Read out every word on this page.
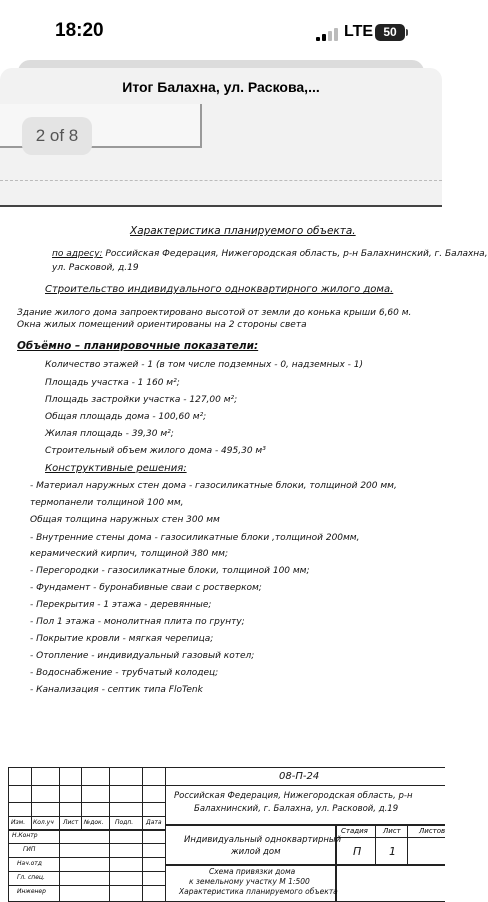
18:20	LTE 50
Итог Балахна, ул. Раскова,...
2 of 8
Характеристика планируемого объекта.
по адресу: Российская Федерация, Нижегородская область, р-н Балахнинский, г. Балахна,
ул. Расковой, д.19
Строительство индивидуального одноквартирного жилого дома.
Здание жилого дома запроектировано высотой от земли до конька крыши 6,60 м.
Окна жилых помещений ориентированы на 2 стороны света
Объёмно – планировочные показатели:
Количество этажей - 1 (в том числе подземных - 0, надземных - 1)
Площадь участка - 1 160 м²;
Площадь застройки участка - 127,00 м²;
Общая площадь дома - 100,60 м²;
Жилая площадь - 39,30 м²;
Строительный объем жилого дома - 495,30 м³
Конструктивные решения:
- Материал наружных стен дома - газосиликатные блоки, толщиной 200 мм,
термопанели толщиной 100 мм,
Общая толщина наружных стен 300 мм
- Внутренние стены дома - газосиликатные блоки ,толщиной 200мм,
керамический кирпич, толщиной 380 мм;
- Перегородки - газосиликатные блоки, толщиной 100 мм;
- Фундамент - буронабивные сваи с ростверком;
- Перекрытия - 1 этажа - деревянные;
- Пол 1 этажа - монолитная плита по грунту;
- Покрытие кровли - мягкая черепица;
- Отопление - индивидуальный газовый котел;
- Водоснабжение - трубчатый колодец;
- Канализация - септик типа FloTenk
08-П-24
Российская Федерация, Нижегородская область, р-н
Балахнинский, г. Балахна, ул. Расковой, д.19
Изм. Кол.уч Лист №док. Подп. Дата
Н.Контр
ГИП
Нач.отд
Гл. спец.
Инженер
Индивидуальный одноквартирный
жилой дом
Стадия Лист	Листов
П	1
Схема привязки дома
к земельному участку М 1:500
Характеристика планируемого объекта
